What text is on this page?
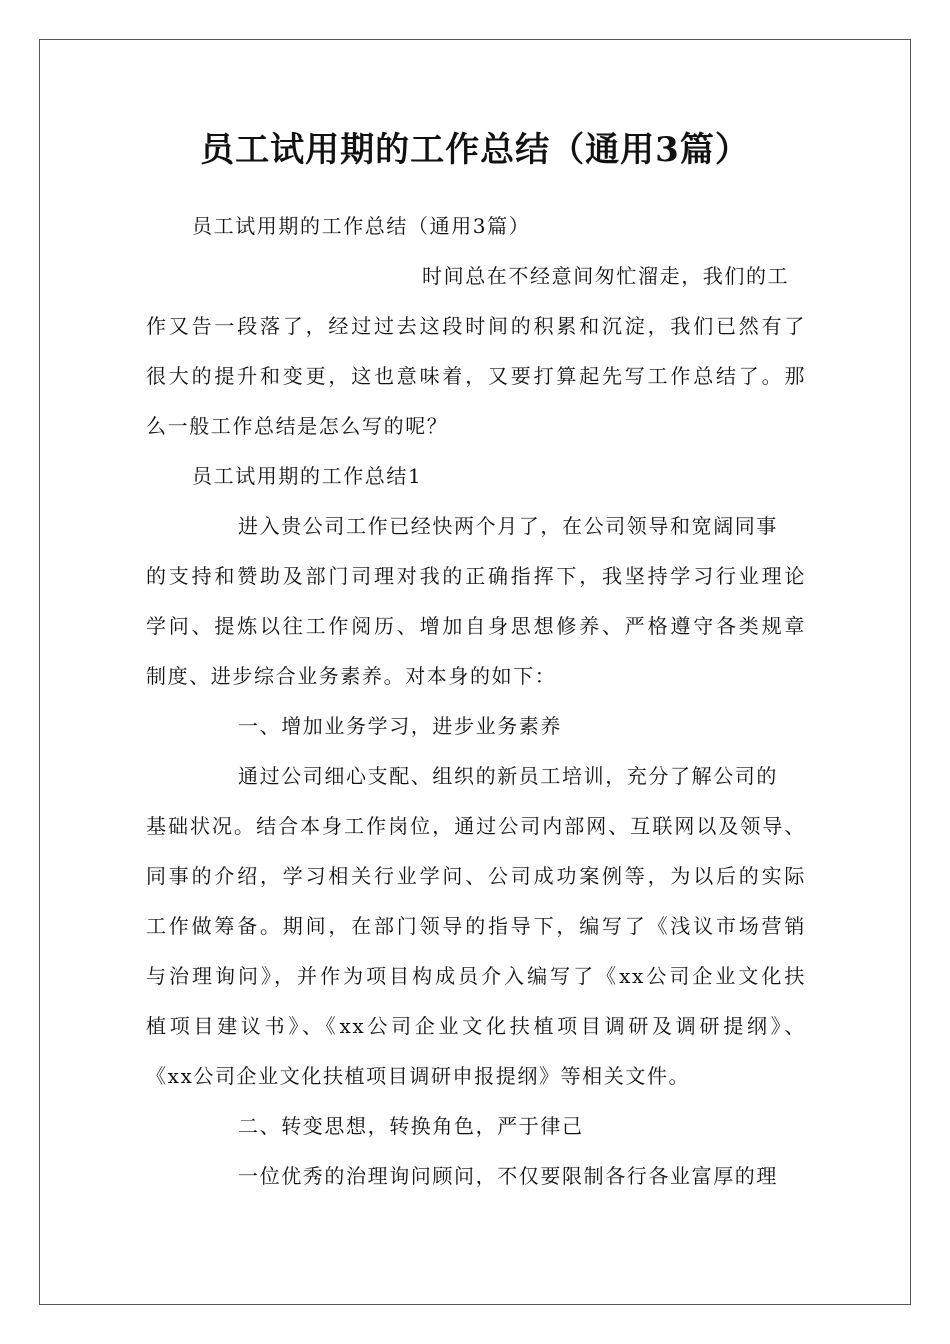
员工试用期的工作总结（通用3篇）
员工试用期的工作总结（通用3篇）
时间总在不经意间匆忙溜走，我们的工
作又告一段落了，经过过去这段时间的积累和沉淀，我们已然有了
很大的提升和变更，这也意味着，又要打算起先写工作总结了。那
么一般工作总结是怎么写的呢？
员工试用期的工作总结1
进入贵公司工作已经快两个月了，在公司领导和宽阔同事
的支持和赞助及部门司理对我的正确指挥下，我坚持学习行业理论
学问、提炼以往工作阅历、增加自身思想修养、严格遵守各类规章
制度、进步综合业务素养。对本身的如下：
一、增加业务学习，进步业务素养
通过公司细心支配、组织的新员工培训，充分了解公司的
基础状况。结合本身工作岗位，通过公司内部网、互联网以及领导、
同事的介绍，学习相关行业学问、公司成功案例等，为以后的实际
工作做筹备。期间，在部门领导的指导下，编写了《浅议市场营销
与治理询问》，并作为项目构成员介入编写了《xx公司企业文化扶
植项目建议书》、《xx公司企业文化扶植项目调研及调研提纲》、
《xx公司企业文化扶植项目调研申报提纲》等相关文件。
二、转变思想，转换角色，严于律己
一位优秀的治理询问顾问，不仅要限制各行各业富厚的理
